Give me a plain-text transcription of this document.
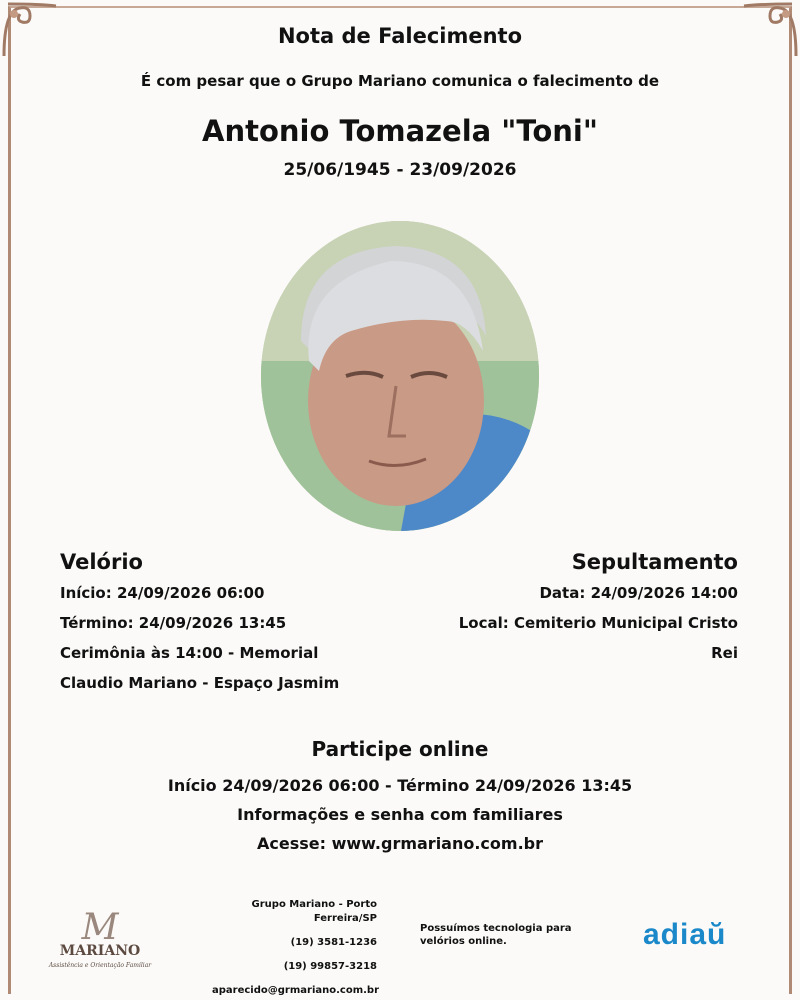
Nota de Falecimento
É com pesar que o Grupo Mariano comunica o falecimento de
Antonio Tomazela "Toni"
25/06/1945 - 23/09/2026
Velório

Início: 24/09/2026 06:00

Término: 24/09/2026 13:45

Cerimônia às 14:00 - Memorial

Claudio Mariano - Espaço Jasmim

Sepultamento

Data: 24/09/2026 14:00

Local: Cemiterio Municipal Cristo

Rei

Participe online
Início 24/09/2026 06:00 - Término 24/09/2026 13:45
Informações e senha com familiares
Acesse: www.grmariano.com.br
M
MARIANO
Assistência e Orientação Familiar
Grupo Mariano - Porto Ferreira/SP
(19) 3581-1236
(19) 99857-3218
aparecido@grmariano.com.br
Possuímos tecnologia para velórios online.	adiaŭ
